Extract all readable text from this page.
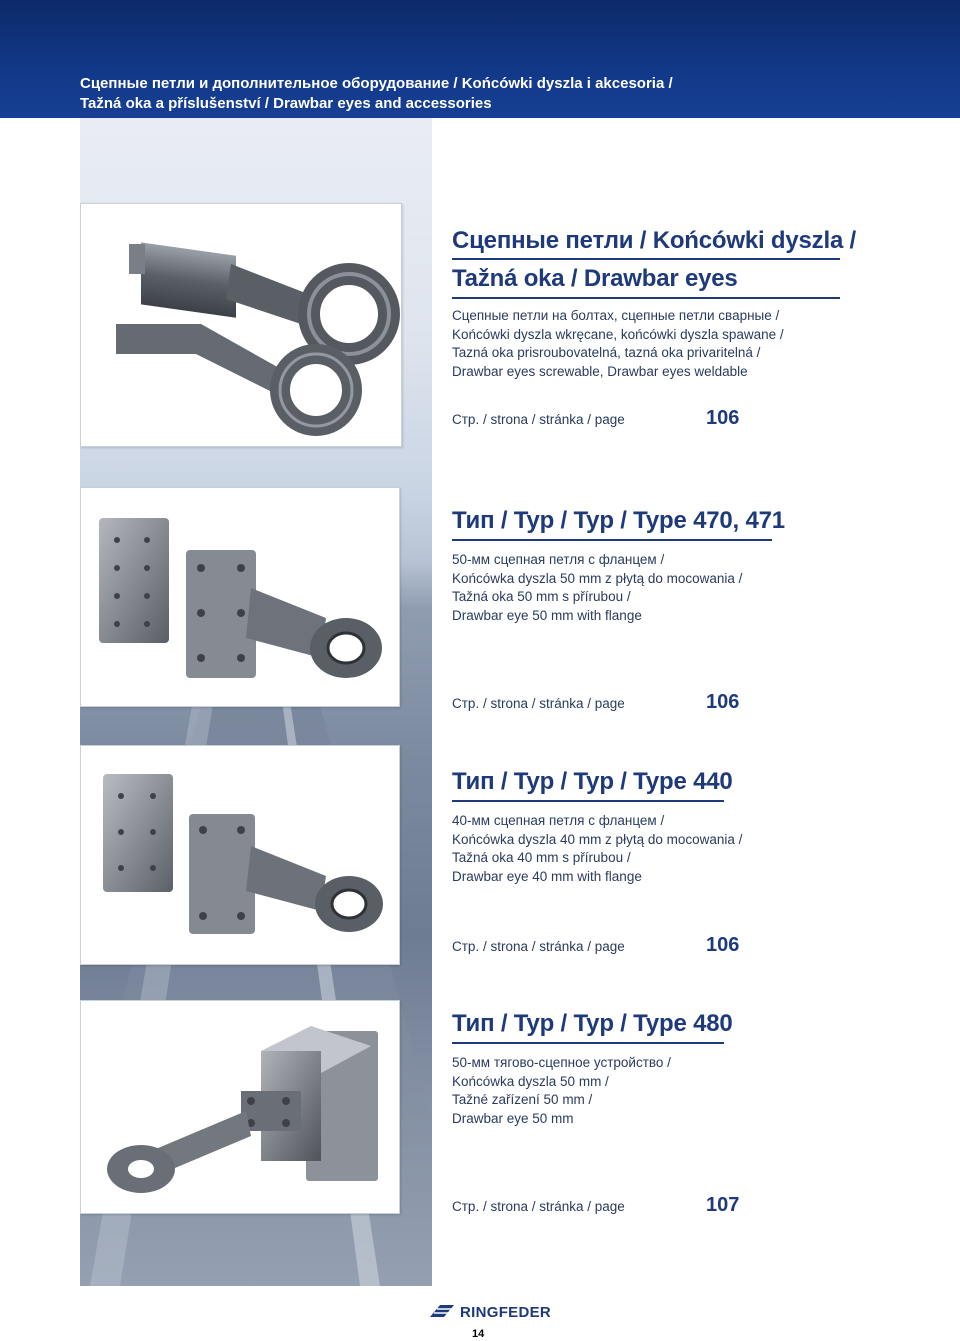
Сцепные петли и дополнительное оборудование / Końcówki dyszla i akcesoria /
Tažná oka a příslušenství / Drawbar eyes and accessories
Сцепные петли / Końcówki dyszla /
Tažná oka / Drawbar eyes
Сцепные петли на болтах, сцепные петли сварные /
Końcówki dyszla wkręcane, końcówki dyszla spawane /
Tazná oka prisroubovatelná, tazná oka privaritelná /
Drawbar eyes screwable, Drawbar eyes weldable
Стр. / strona / stránka / page	106
Тип / Typ / Typ / Type 470, 471
50-мм сцепная петля с фланцем /
Końcówka dyszla 50 mm z płytą do mocowania /
Tažná oka 50 mm s přírubou /
Drawbar eye 50 mm with flange
Стр. / strona / stránka / page	106
Тип / Typ / Typ / Type 440
40-мм сцепная петля с фланцем /
Końcówka dyszla 40 mm z płytą do mocowania /
Tažná oka 40 mm s přírubou /
Drawbar eye 40 mm with flange
Стр. / strona / stránka / page	106
Тип / Typ / Typ / Type 480
50-мм тягово-сцепное устройство /
Końcówka dyszla 50 mm /
Tažné zařízení 50 mm /
Drawbar eye 50 mm
Стр. / strona / stránka / page	107
RINGFEDER
14
